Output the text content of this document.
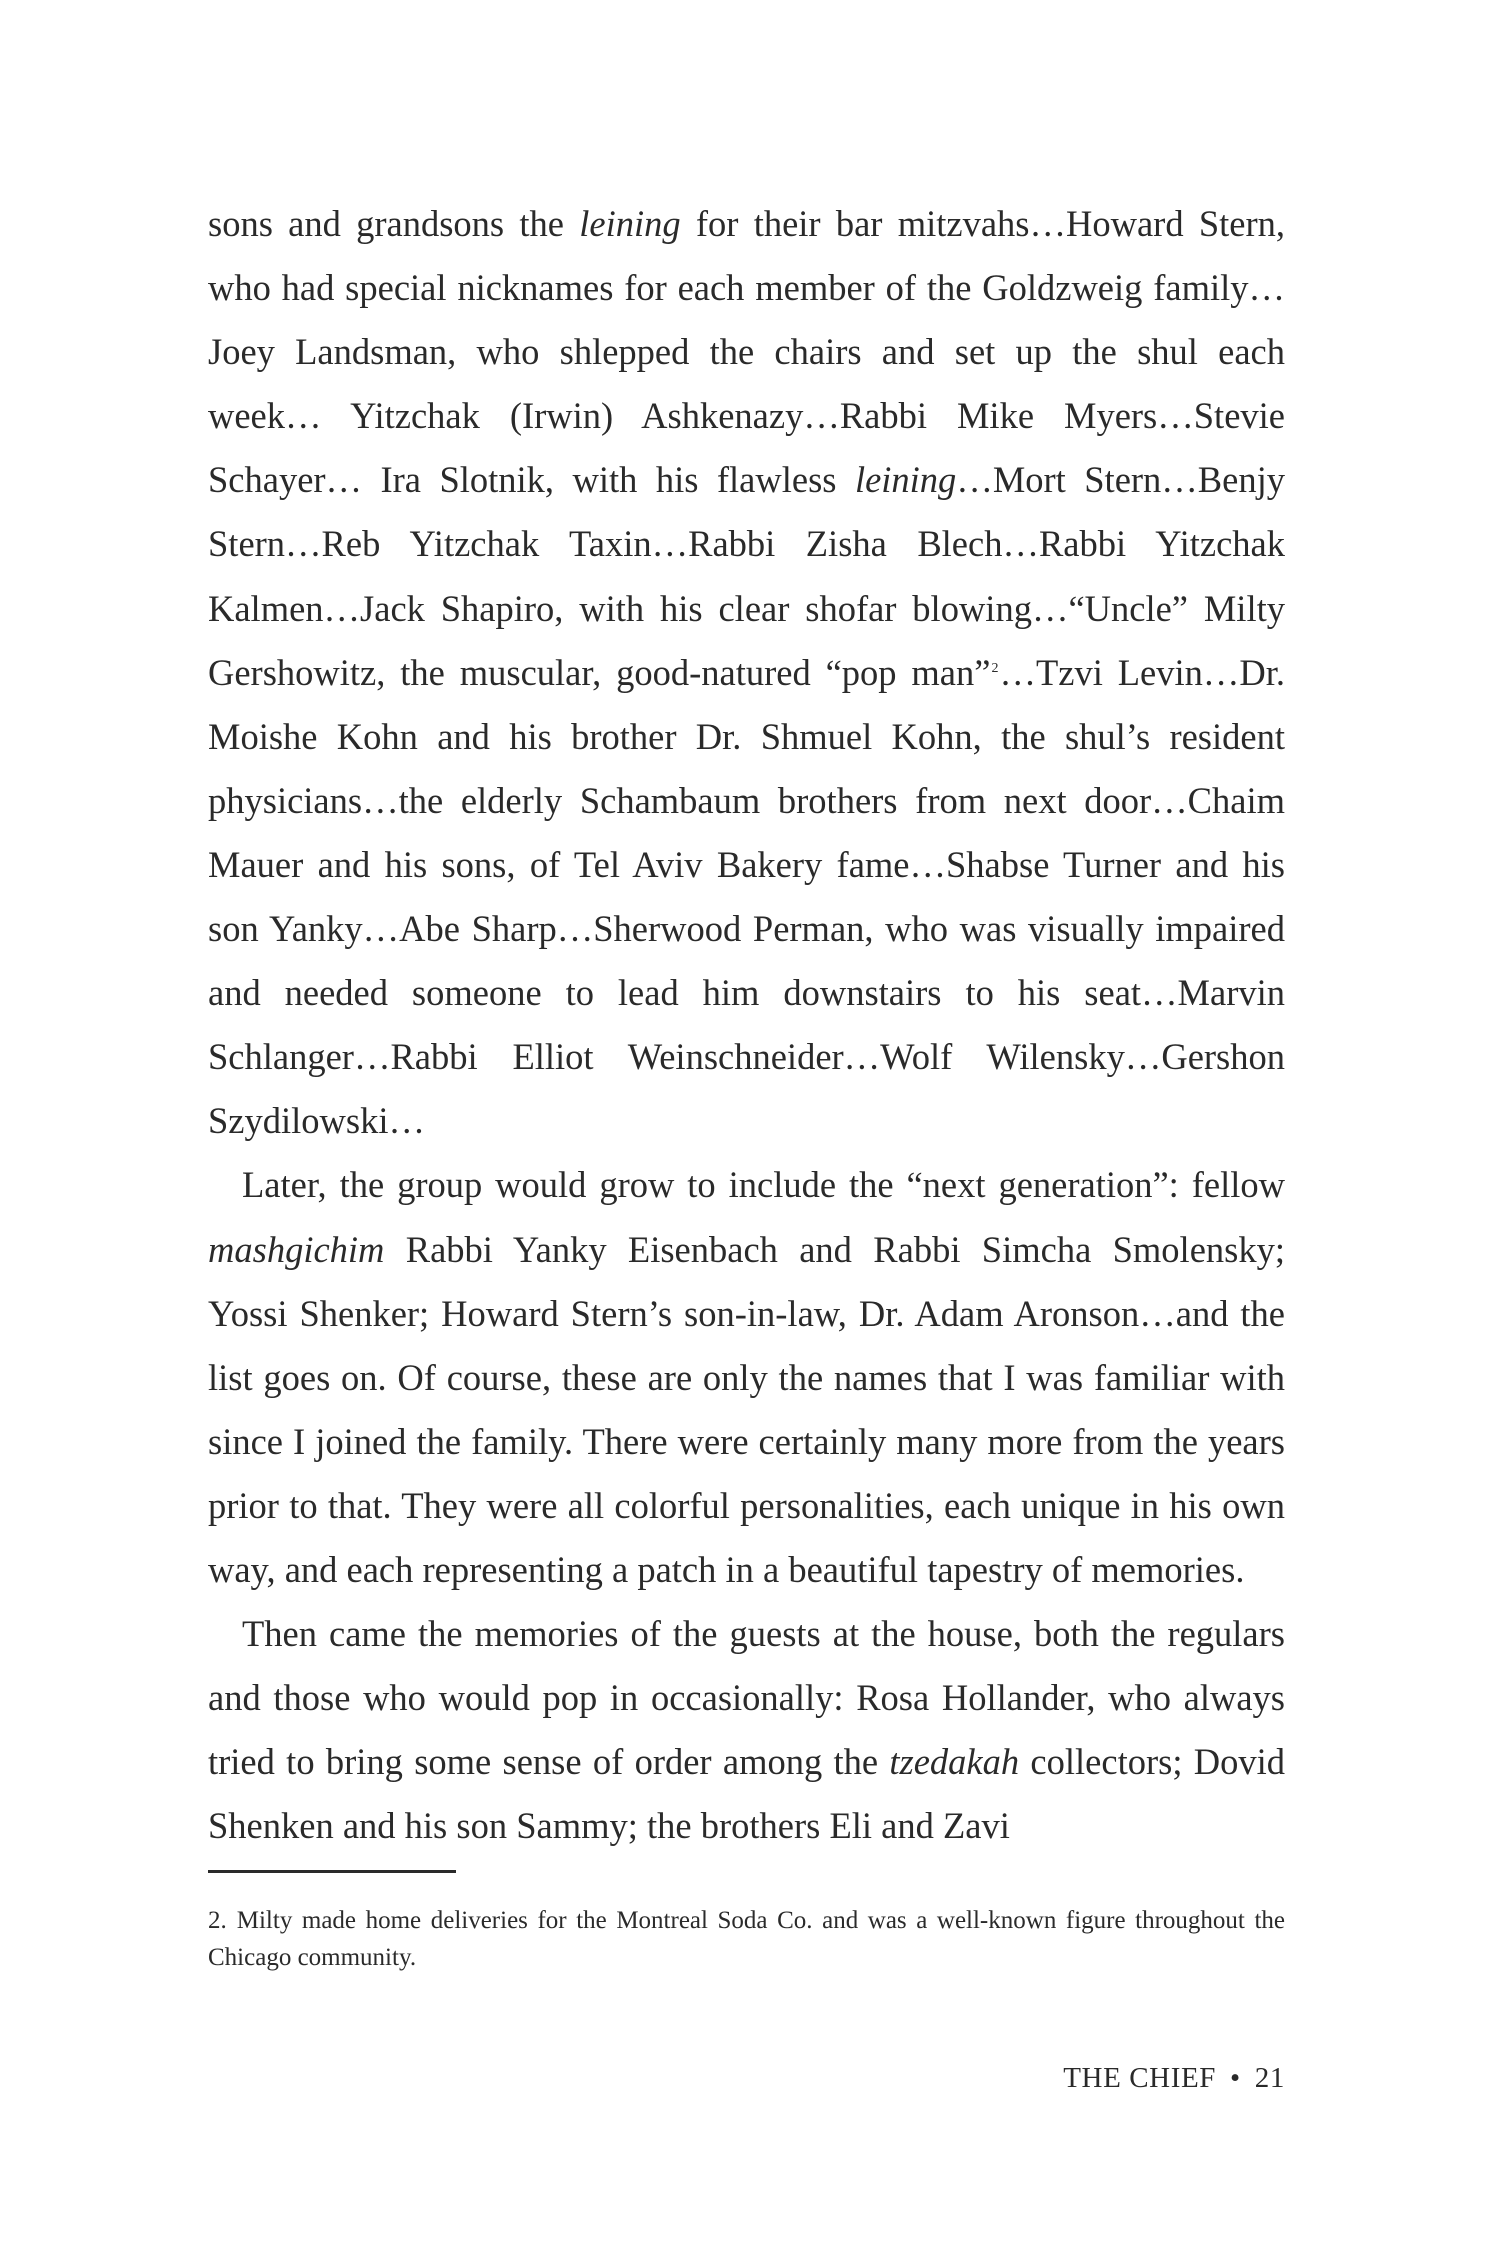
sons and grandsons the leining for their bar mitzvahs…Howard Stern, who had special nicknames for each member of the Goldzweig family… Joey Landsman, who shlepped the chairs and set up the shul each week… Yitzchak (Irwin) Ashkenazy…Rabbi Mike Myers…Stevie Schayer… Ira Slotnik, with his flawless leining…Mort Stern…Benjy Stern…Reb Yitzchak Taxin…Rabbi Zisha Blech…Rabbi Yitzchak Kalmen…Jack Shapiro, with his clear shofar blowing…“Uncle” Milty Gershowitz, the muscular, good-natured “pop man”$^2$…Tzvi Levin…Dr. Moishe Kohn and his brother Dr. Shmuel Kohn, the shul’s resident physicians…the elderly Schambaum brothers from next door…Chaim Mauer and his sons, of Tel Aviv Bakery fame…Shabse Turner and his son Yanky…Abe Sharp…Sherwood Perman, who was visually impaired and needed someone to lead him downstairs to his seat…Marvin Schlanger…Rabbi Elliot Weinschneider…Wolf Wilensky…Gershon Szydilowski…

Later, the group would grow to include the “next generation”: fellow mashgichim Rabbi Yanky Eisenbach and Rabbi Simcha Smolensky; Yossi Shenker; Howard Stern’s son-in-law, Dr. Adam Aronson…and the list goes on. Of course, these are only the names that I was familiar with since I joined the family. There were certainly many more from the years prior to that. They were all colorful personalities, each unique in his own way, and each representing a patch in a beautiful tapestry of memories.

Then came the memories of the guests at the house, both the regulars and those who would pop in occasionally: Rosa Hollander, who always tried to bring some sense of order among the tzedakah collectors; Dovid Shenken and his son Sammy; the brothers Eli and Zavi

2. Milty made home deliveries for the Montreal Soda Co. and was a well-known figure throughout the Chicago community.
THE CHIEF • 21
